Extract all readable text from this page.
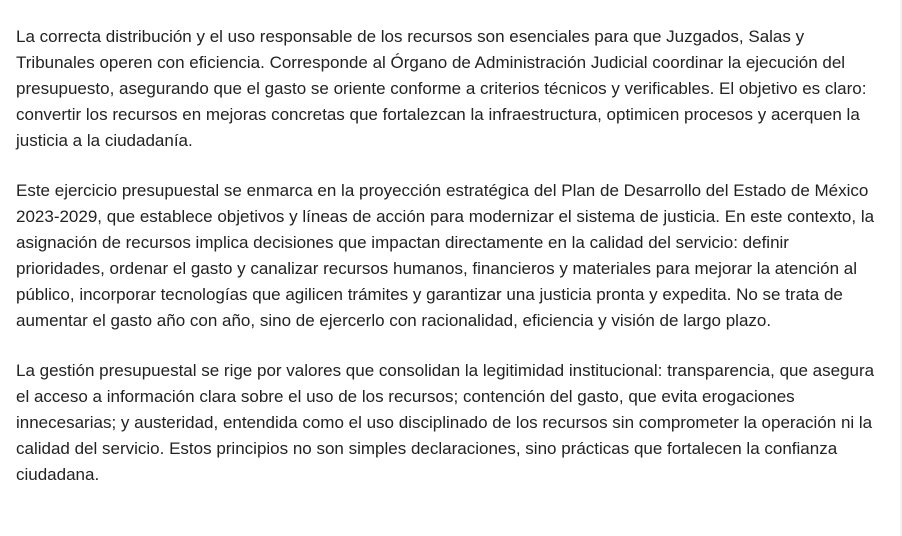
La correcta distribución y el uso responsable de los recursos son esenciales para que Juzgados, Salas y Tribunales operen con eficiencia. Corresponde al Órgano de Administración Judicial coordinar la ejecución del presupuesto, asegurando que el gasto se oriente conforme a criterios técnicos y verificables. El objetivo es claro: convertir los recursos en mejoras concretas que fortalezcan la infraestructura, optimicen procesos y acerquen la justicia a la ciudadanía.

Este ejercicio presupuestal se enmarca en la proyección estratégica del Plan de Desarrollo del Estado de México 2023-2029, que establece objetivos y líneas de acción para modernizar el sistema de justicia. En este contexto, la asignación de recursos implica decisiones que impactan directamente en la calidad del servicio: definir prioridades, ordenar el gasto y canalizar recursos humanos, financieros y materiales para mejorar la atención al público, incorporar tecnologías que agilicen trámites y garantizar una justicia pronta y expedita. No se trata de aumentar el gasto año con año, sino de ejercerlo con racionalidad, eficiencia y visión de largo plazo.

La gestión presupuestal se rige por valores que consolidan la legitimidad institucional: transparencia, que asegura el acceso a información clara sobre el uso de los recursos; contención del gasto, que evita erogaciones innecesarias; y austeridad, entendida como el uso disciplinado de los recursos sin comprometer la operación ni la calidad del servicio. Estos principios no son simples declaraciones, sino prácticas que fortalecen la confianza ciudadana.
